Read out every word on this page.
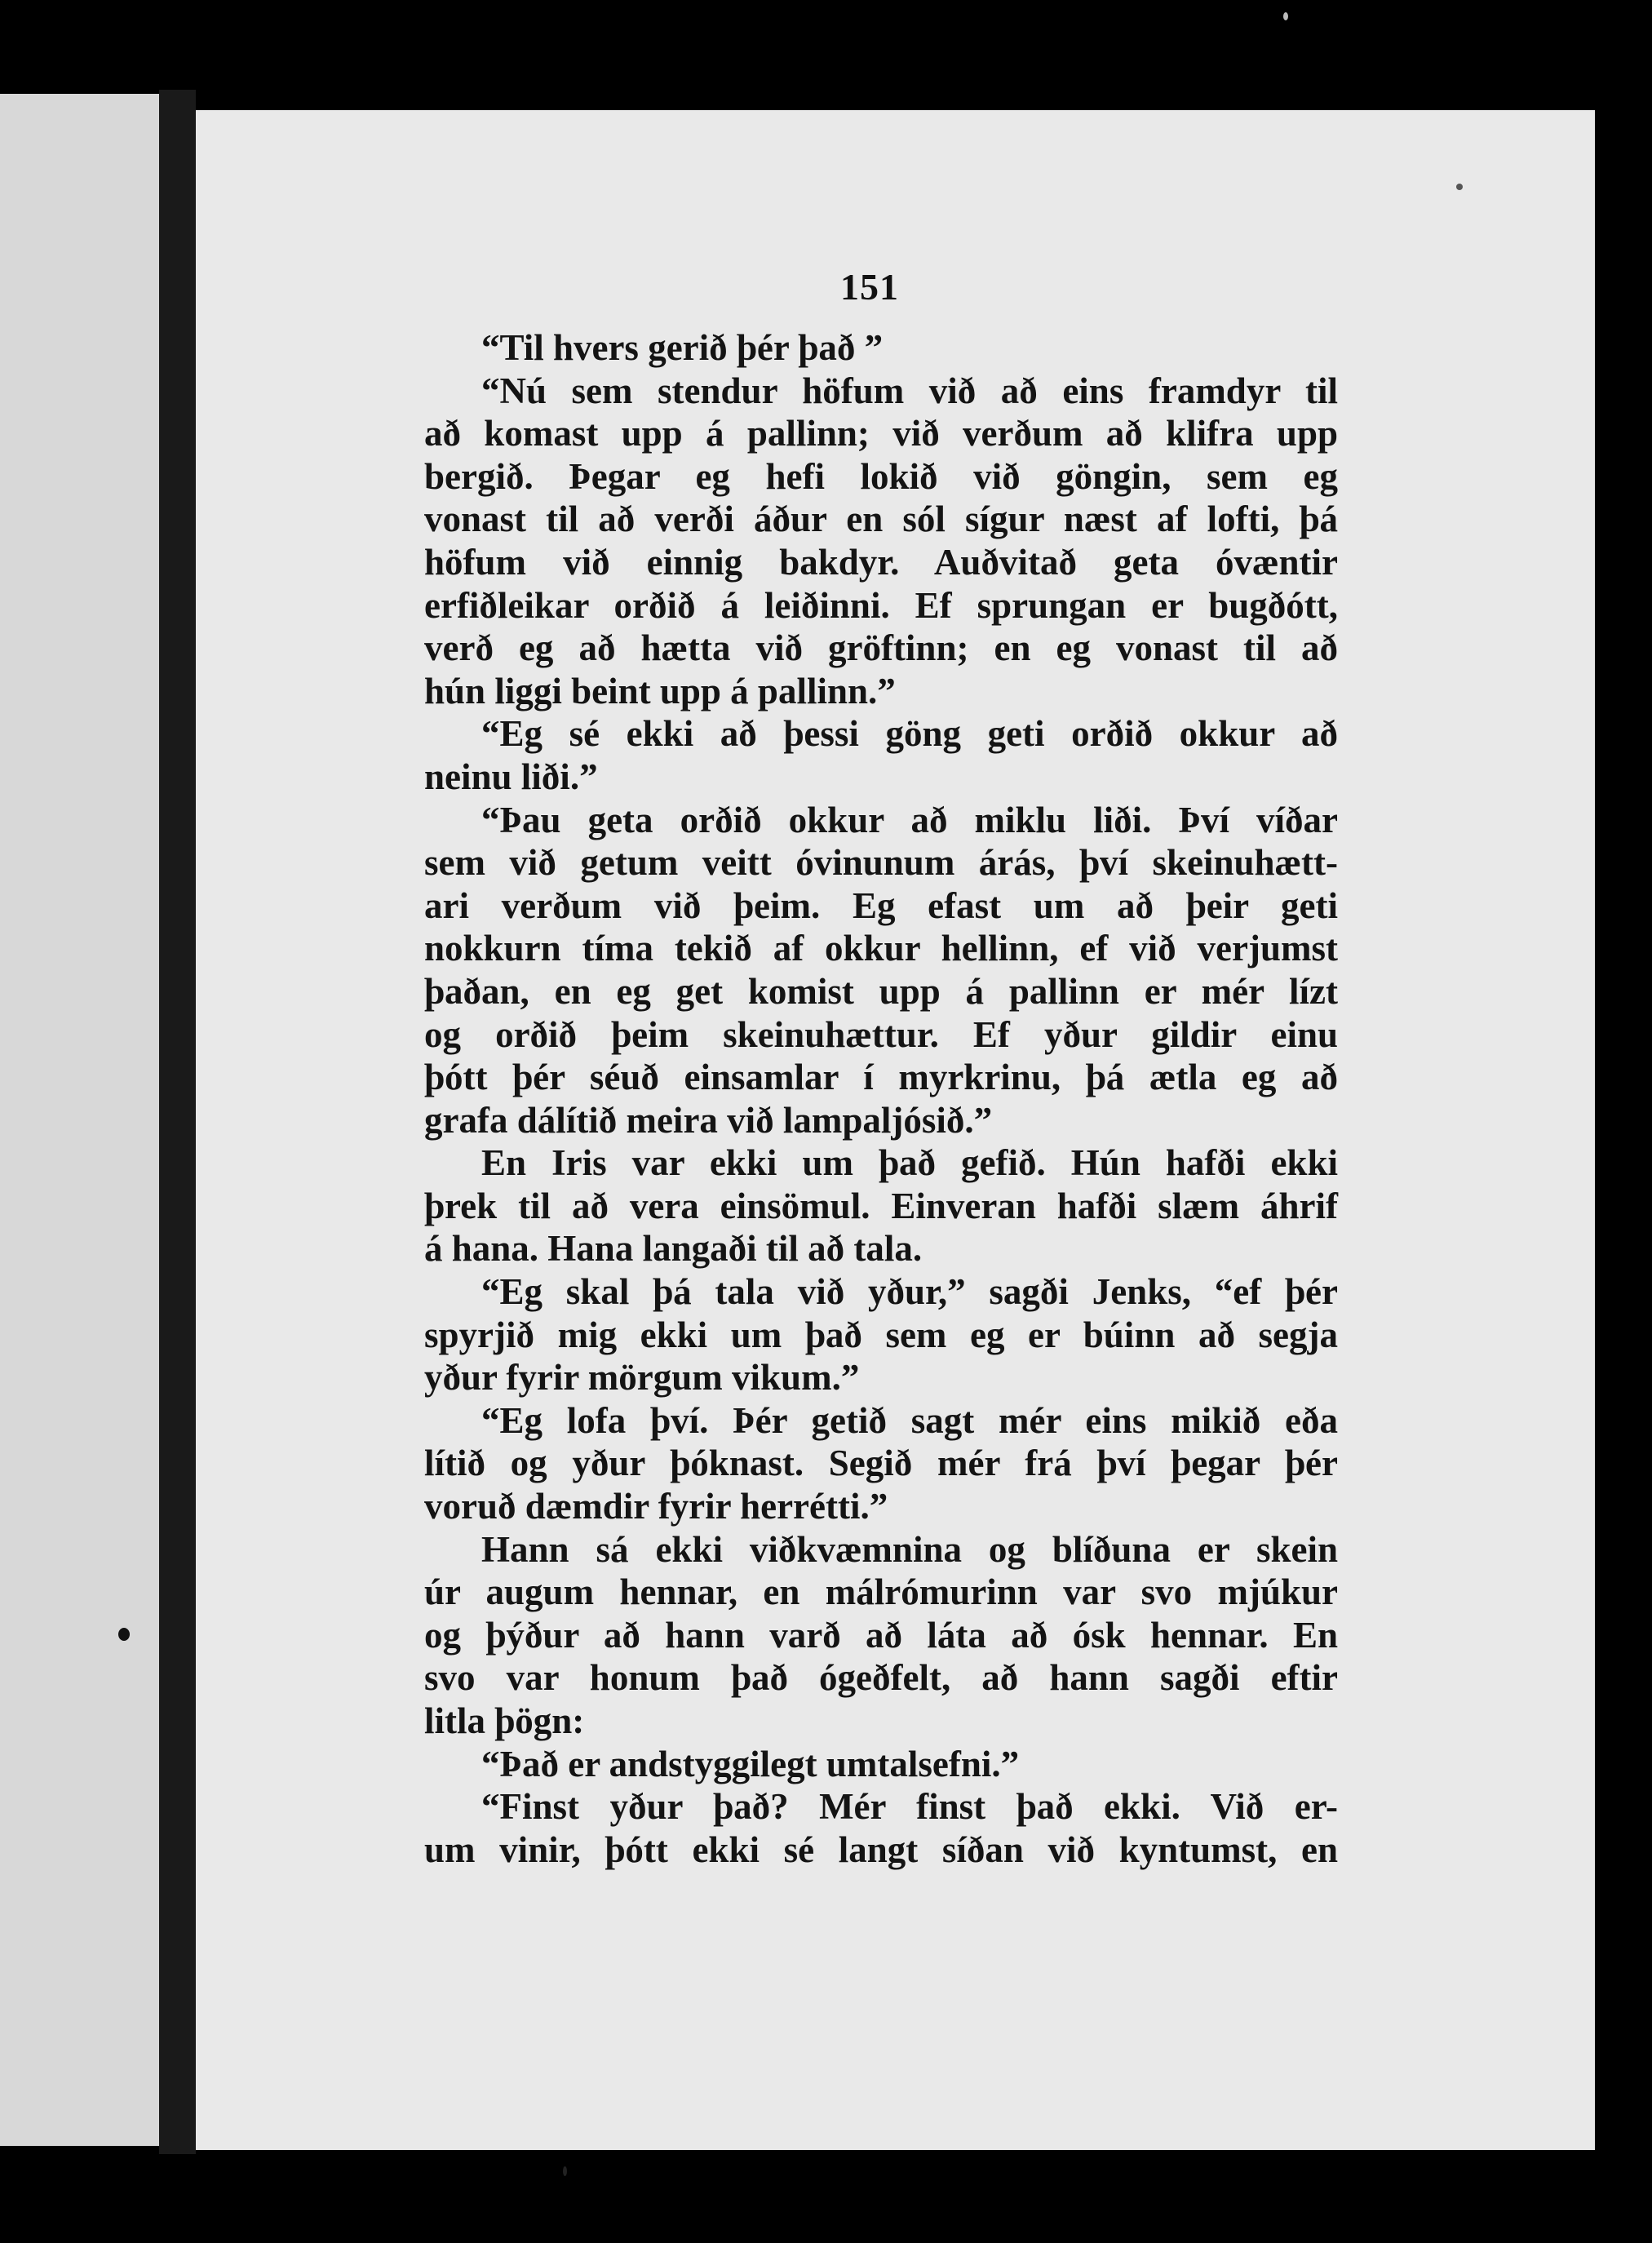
151
“Til hvers gerið þér það ”
“Nú sem stendur höfum við að eins framdyr til
að komast upp á pallinn; við verðum að klifra upp
bergið. Þegar eg hefi lokið við göngin, sem eg
vonast til að verði áður en sól sígur næst af lofti, þá
höfum við einnig bakdyr. Auðvitað geta óvæntir
erfiðleikar orðið á leiðinni. Ef sprungan er bugðótt,
verð eg að hætta við gröftinn; en eg vonast til að
hún liggi beint upp á pallinn.”
“Eg sé ekki að þessi göng geti orðið okkur að
neinu liði.”
“Þau geta orðið okkur að miklu liði. Því víðar
sem við getum veitt óvinunum árás, því skeinuhætt-
ari verðum við þeim. Eg efast um að þeir geti
nokkurn tíma tekið af okkur hellinn, ef við verjumst
þaðan, en eg get komist upp á pallinn er mér lízt
og orðið þeim skeinuhættur. Ef yður gildir einu
þótt þér séuð einsamlar í myrkrinu, þá ætla eg að
grafa dálítið meira við lampaljósið.”
En Iris var ekki um það gefið. Hún hafði ekki
þrek til að vera einsömul. Einveran hafði slæm áhrif
á hana. Hana langaði til að tala.
“Eg skal þá tala við yður,” sagði Jenks, “ef þér
spyrjið mig ekki um það sem eg er búinn að segja
yður fyrir mörgum vikum.”
“Eg lofa því. Þér getið sagt mér eins mikið eða
lítið og yður þóknast. Segið mér frá því þegar þér
voruð dæmdir fyrir herrétti.”
Hann sá ekki viðkvæmnina og blíðuna er skein
úr augum hennar, en málrómurinn var svo mjúkur
og þýður að hann varð að láta að ósk hennar. En
svo var honum það ógeðfelt, að hann sagði eftir
litla þögn:
“Það er andstyggilegt umtalsefni.”
“Finst yður það? Mér finst það ekki. Við er-
um vinir, þótt ekki sé langt síðan við kyntumst, en
